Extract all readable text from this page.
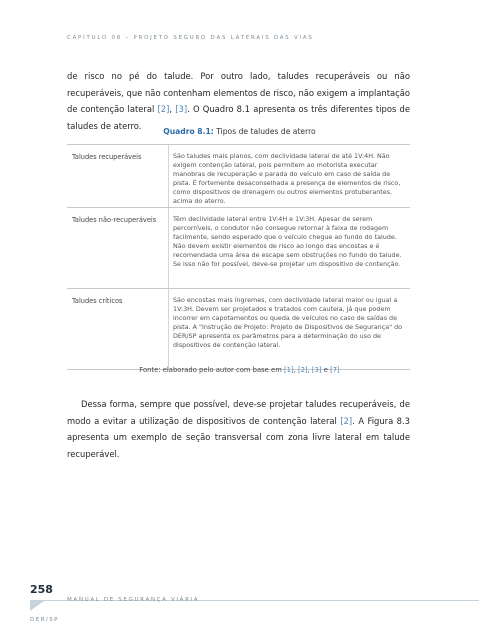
CAPÍTULO 08 – PROJETO SEGURO DAS LATERAIS DAS VIAS
de risco no pé do talude. Por outro lado, taludes recuperáveis ou não recuperáveis, que não contenham elementos de risco, não exigem a implantação de contenção lateral [2], [3]. O Quadro 8.1 apresenta os três diferentes tipos de taludes de aterro.
Quadro 8.1: Tipos de taludes de aterro
Taludes recuperáveis	São taludes mais planos, com declividade lateral de até 1V:4H. Não exigem contenção lateral, pois permitem ao motorista executar manobras de recuperação e parada do veículo em caso de saída de pista. É fortemente desaconselhada a presença de elementos de risco, como dispositivos de drenagem ou outros elementos protuberantes, acima do aterro.
Taludes não-recuperáveis	Têm declividade lateral entre 1V:4H e 1V:3H. Apesar de serem percorríveis, o condutor não consegue retornar à faixa de rodagem facilmente, sendo esperado que o veículo chegue ao fundo do talude. Não devem existir elementos de risco ao longo das encostas e é recomendada uma área de escape sem obstruções no fundo do talude. Se isso não for possível, deve-se projetar um dispositivo de contenção.
Taludes críticos	São encostas mais íngremes, com declividade lateral maior ou igual a 1V:3H. Devem ser projetados e tratados com cautela, já que podem incorrer em capotamentos ou queda de veículos no caso de saídas de pista. A "Instrução de Projeto: Projeto de Dispositivos de Segurança" do DER/SP apresenta os parâmetros para a determinação do uso de dispositivos de contenção lateral.
Fonte: elaborado pelo autor com base em [1], [2], [3] e [7]
Dessa forma, sempre que possível, deve-se projetar taludes recuperáveis, de modo a evitar a utilização de dispositivos de contenção lateral [2]. A Figura 8.3 apresenta um exemplo de seção transversal com zona livre lateral em talude recuperável.
258
MANUAL DE SEGURANÇA VIÁRIA
DER/SP
